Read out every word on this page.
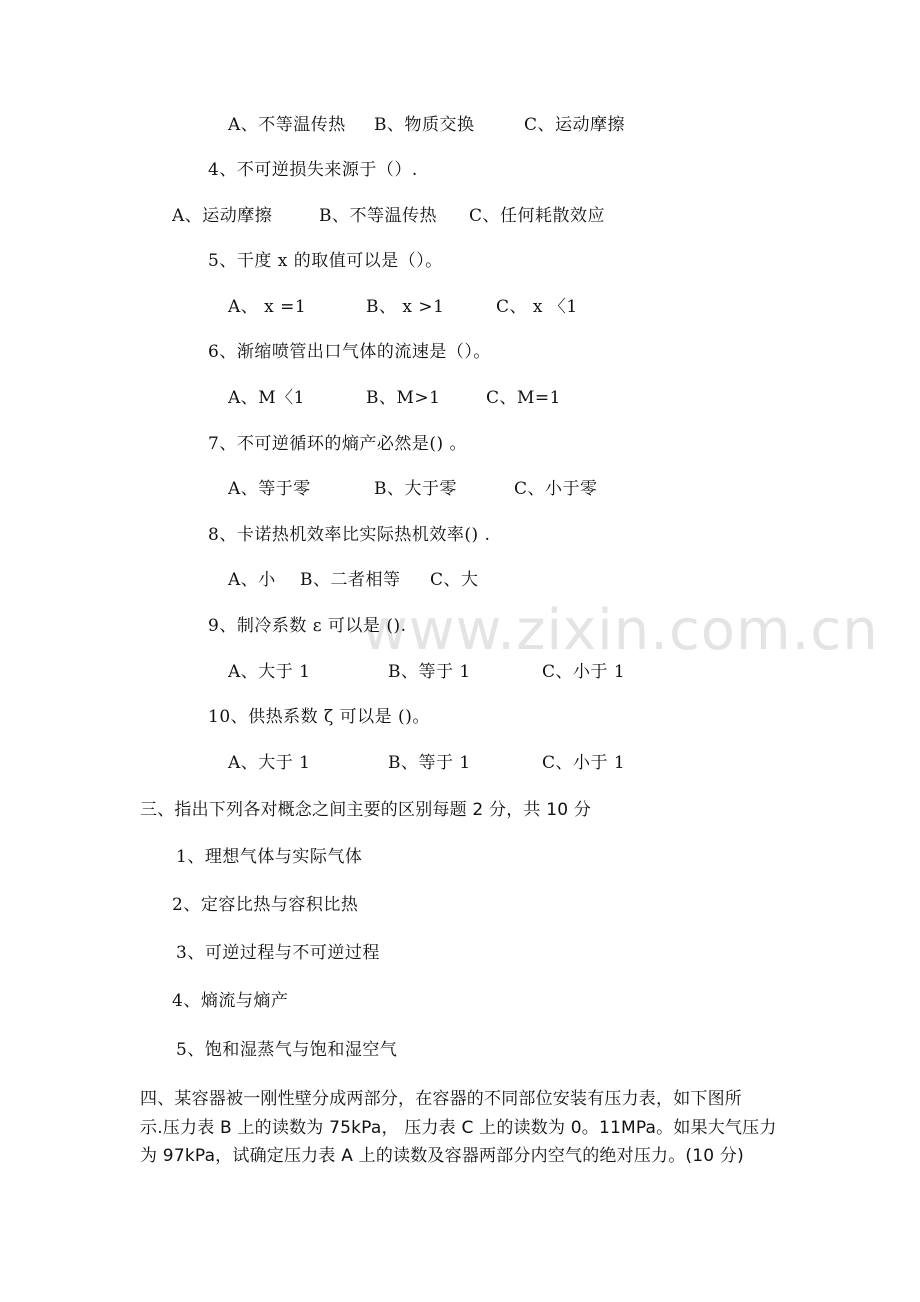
www.zixin.com.cn
A、不等温传热 B、物质交换	C、运动摩擦
4、不可逆损失来源于（）.
A、运动摩擦	B、不等温传热 C、任何耗散效应
5、干度 x 的取值可以是（）。
A、 x =1	B、 x >1	C、 x 〈1
6、渐缩喷管出口气体的流速是（）。
A、M〈1	B、M>1	C、M=1
7、不可逆循环的熵产必然是() 。
A、等于零	B、大于零	C、小于零
8、卡诺热机效率比实际热机效率() .
A、小 B、二者相等 C、大
9、制冷系数 ε 可以是 ().
A、大于 1	B、等于 1	C、小于 1
10、供热系数 ζ 可以是 ()。
A、大于 1	B、等于 1	C、小于 1
三、指出下列各对概念之间主要的区别每题 2 分，共 10 分
1、理想气体与实际气体
2、定容比热与容积比热
3、可逆过程与不可逆过程
4、熵流与熵产
5、饱和湿蒸气与饱和湿空气
四、某容器被一刚性壁分成两部分，在容器的不同部位安装有压力表，如下图所
示.压力表 B 上的读数为 75kPa， 压力表 C 上的读数为 0。11MPa。如果大气压力
为 97kPa，试确定压力表 A 上的读数及容器两部分内空气的绝对压力。(10 分)
